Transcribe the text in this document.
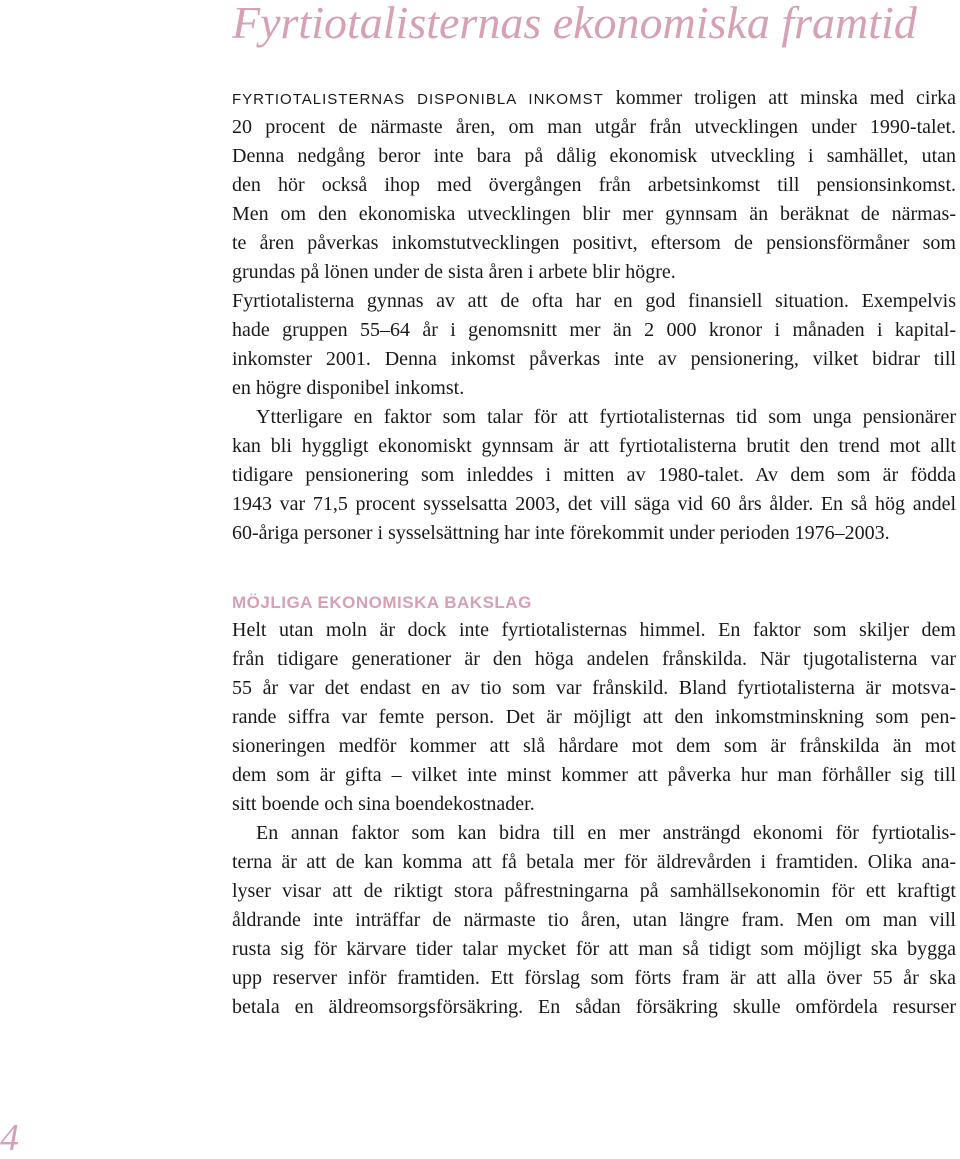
Fyrtiotalisternas ekonomiska framtid
FYRTIOTALISTERNAS DISPONIBLA INKOMST kommer troligen att minska med cirka
20 procent de närmaste åren, om man utgår från utvecklingen under 1990-talet.
Denna nedgång beror inte bara på dålig ekonomisk utveckling i samhället, utan
den hör också ihop med övergången från arbetsinkomst till pensionsinkomst.
Men om den ekonomiska utvecklingen blir mer gynnsam än beräknat de närmas-
te åren påverkas inkomstutvecklingen positivt, eftersom de pensionsförmåner som
grundas på lönen under de sista åren i arbete blir högre.
Fyrtiotalisterna gynnas av att de ofta har en god finansiell situation. Exempelvis
hade gruppen 55–64 år i genomsnitt mer än 2 000 kronor i månaden i kapital-
inkomster 2001. Denna inkomst påverkas inte av pensionering, vilket bidrar till
en högre disponibel inkomst.
Ytterligare en faktor som talar för att fyrtiotalisternas tid som unga pensionärer
kan bli hyggligt ekonomiskt gynnsam är att fyrtiotalisterna brutit den trend mot allt
tidigare pensionering som inleddes i mitten av 1980-talet. Av dem som är födda
1943 var 71,5 procent sysselsatta 2003, det vill säga vid 60 års ålder. En så hög andel
60-åriga personer i sysselsättning har inte förekommit under perioden 1976–2003.
MÖJLIGA EKONOMISKA BAKSLAG
Helt utan moln är dock inte fyrtiotalisternas himmel. En faktor som skiljer dem
från tidigare generationer är den höga andelen frånskilda. När tjugotalisterna var
55 år var det endast en av tio som var frånskild. Bland fyrtiotalisterna är motsva-
rande siffra var femte person. Det är möjligt att den inkomstminskning som pen-
sioneringen medför kommer att slå hårdare mot dem som är frånskilda än mot
dem som är gifta – vilket inte minst kommer att påverka hur man förhåller sig till
sitt boende och sina boendekostnader.
En annan faktor som kan bidra till en mer ansträngd ekonomi för fyrtiotalis-
terna är att de kan komma att få betala mer för äldrevården i framtiden. Olika ana-
lyser visar att de riktigt stora påfrestningarna på samhällsekonomin för ett kraftigt
åldrande inte inträffar de närmaste tio åren, utan längre fram. Men om man vill
rusta sig för kärvare tider talar mycket för att man så tidigt som möjligt ska bygga
upp reserver inför framtiden. Ett förslag som förts fram är att alla över 55 år ska
betala en äldreomsorgsförsäkring. En sådan försäkring skulle omfördela resurser
4
